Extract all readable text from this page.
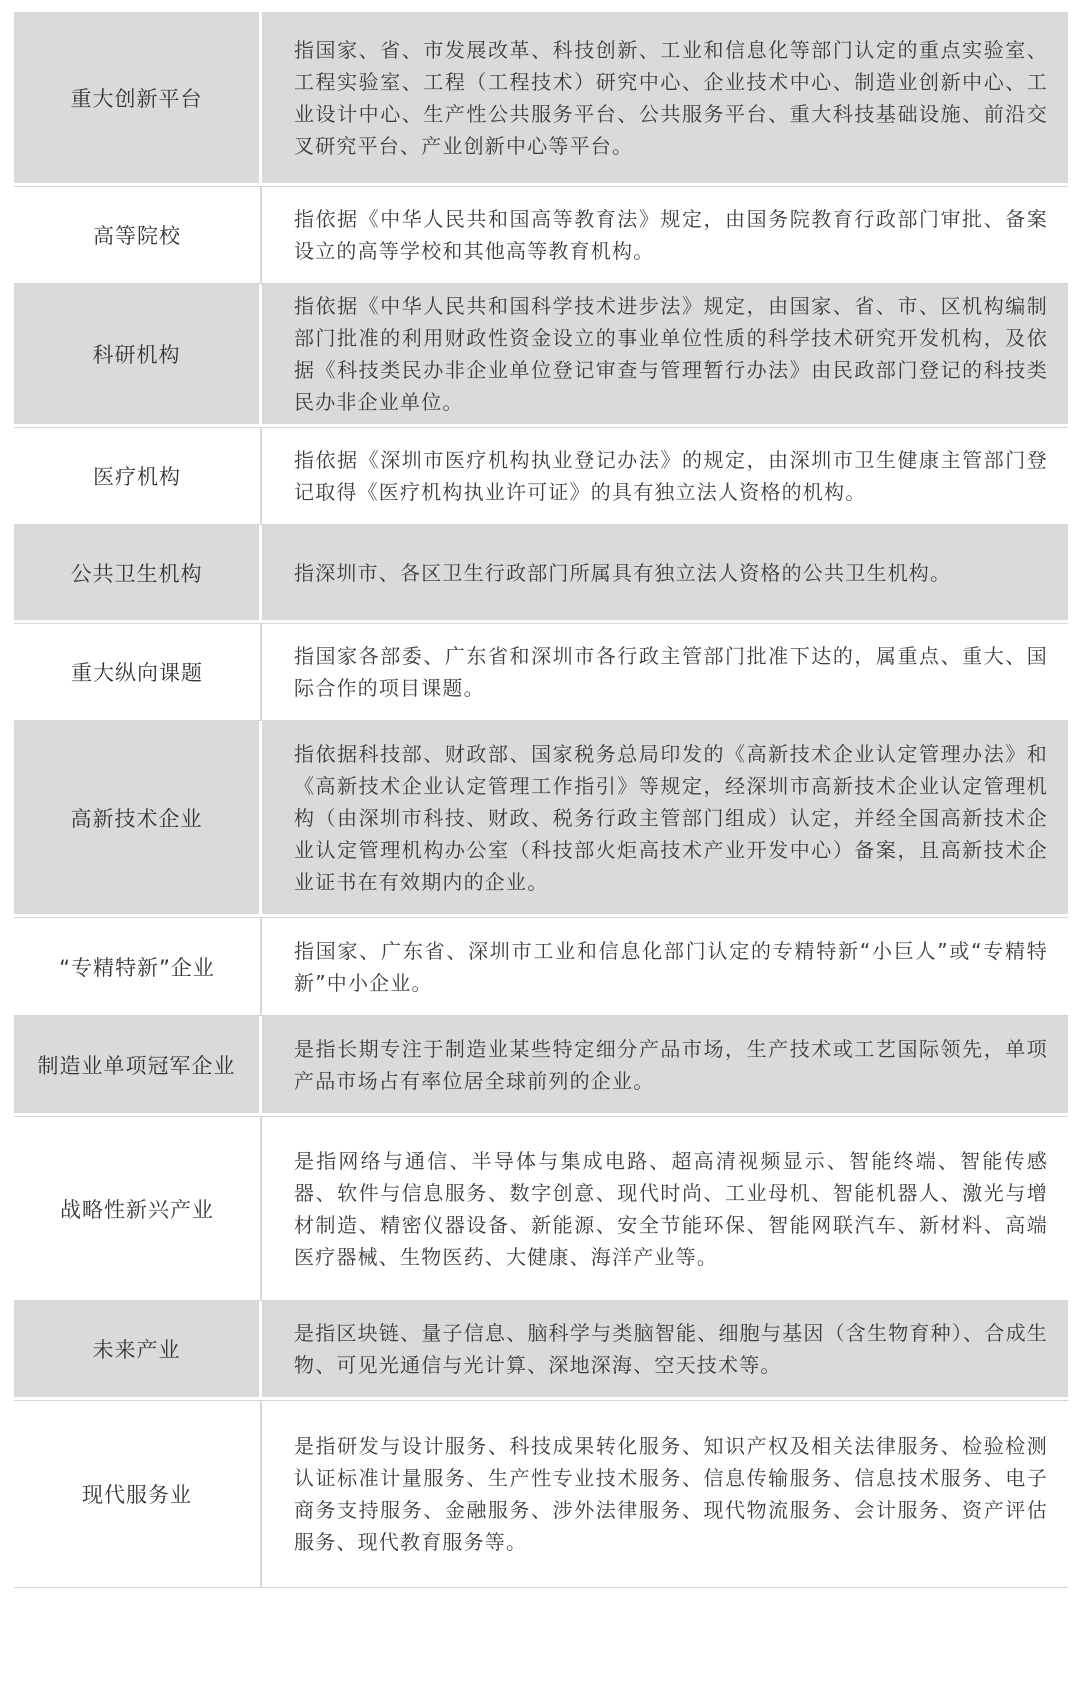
重大创新平台
指国家、省、市发展改革、科技创新、工业和信息化等部门认定的重点实验室、工程实验室、工程（工程技术）研究中心、企业技术中心、制造业创新中心、工业设计中心、生产性公共服务平台、公共服务平台、重大科技基础设施、前沿交叉研究平台、产业创新中心等平台。
高等院校
指依据《中华人民共和国高等教育法》规定，由国务院教育行政部门审批、备案设立的高等学校和其他高等教育机构。
科研机构
指依据《中华人民共和国科学技术进步法》规定，由国家、省、市、区机构编制部门批准的利用财政性资金设立的事业单位性质的科学技术研究开发机构，及依据《科技类民办非企业单位登记审查与管理暂行办法》由民政部门登记的科技类民办非企业单位。
医疗机构
指依据《深圳市医疗机构执业登记办法》的规定，由深圳市卫生健康主管部门登记取得《医疗机构执业许可证》的具有独立法人资格的机构。
公共卫生机构	指深圳市、各区卫生行政部门所属具有独立法人资格的公共卫生机构。
重大纵向课题
指国家各部委、广东省和深圳市各行政主管部门批准下达的，属重点、重大、国际合作的项目课题。
高新技术企业
指依据科技部、财政部、国家税务总局印发的《高新技术企业认定管理办法》和《高新技术企业认定管理工作指引》等规定，经深圳市高新技术企业认定管理机构（由深圳市科技、财政、税务行政主管部门组成）认定，并经全国高新技术企业认定管理机构办公室（科技部火炬高技术产业开发中心）备案，且高新技术企业证书在有效期内的企业。
“专精特新”企业
指国家、广东省、深圳市工业和信息化部门认定的专精特新“小巨人”或“专精特新”中小企业。
制造业单项冠军企业
是指长期专注于制造业某些特定细分产品市场，生产技术或工艺国际领先，单项产品市场占有率位居全球前列的企业。
战略性新兴产业
是指网络与通信、半导体与集成电路、超高清视频显示、智能终端、智能传感器、软件与信息服务、数字创意、现代时尚、工业母机、智能机器人、激光与增材制造、精密仪器设备、新能源、安全节能环保、智能网联汽车、新材料、高端医疗器械、生物医药、大健康、海洋产业等。
未来产业
是指区块链、量子信息、脑科学与类脑智能、细胞与基因（含生物育种）、合成生物、可见光通信与光计算、深地深海、空天技术等。
现代服务业
是指研发与设计服务、科技成果转化服务、知识产权及相关法律服务、检验检测认证标准计量服务、生产性专业技术服务、信息传输服务、信息技术服务、电子商务支持服务、金融服务、涉外法律服务、现代物流服务、会计服务、资产评估服务、现代教育服务等。
